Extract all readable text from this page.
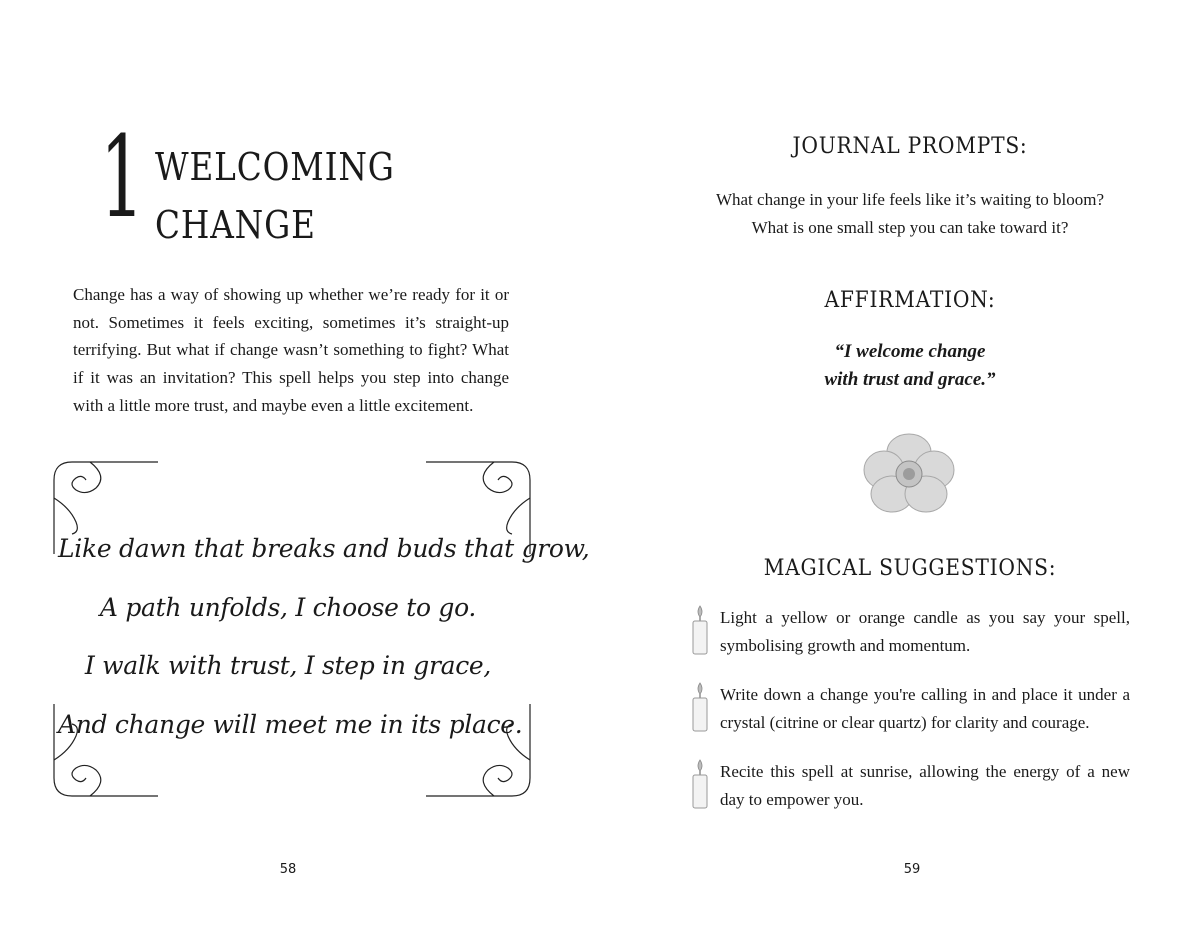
1 WELCOMING
CHANGE

Change has a way of showing up whether we’re ready for it or not. Sometimes it feels exciting, sometimes it’s straight-up terrifying. But what if change wasn’t something to fight? What if it was an invitation? This spell helps you step into change with a little more trust, and maybe even a little excitement.

Like dawn that breaks and buds that grow,
A path unfolds, I choose to go.
I walk with trust, I step in grace,
And change will meet me in its place.

58
JOURNAL PROMPTS:
What change in your life feels like it’s waiting to bloom?
What is one small step you can take toward it?
AFFIRMATION:

“I welcome change
with trust and grace.”

MAGICAL SUGGESTIONS:

Light a yellow or orange candle as you say your spell, symbolising growth and momentum.

Write down a change you're calling in and place it under a crystal (citrine or clear quartz) for clarity and courage.

Recite this spell at sunrise, allowing the energy of a new day to empower you.

59
